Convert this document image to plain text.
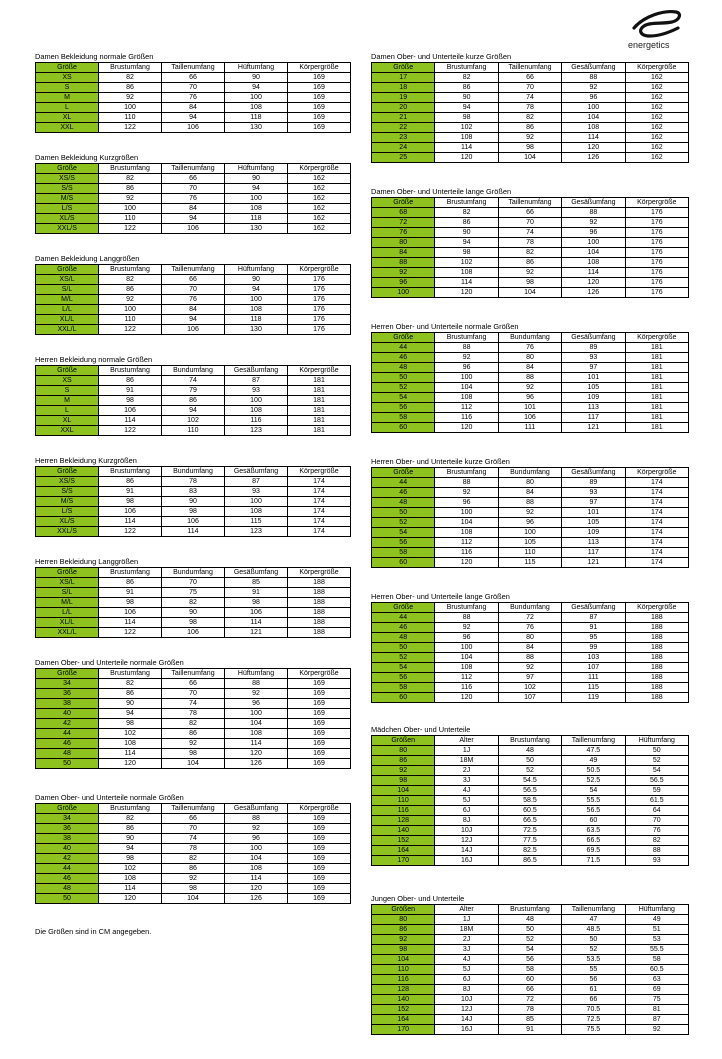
energetics
Damen Bekleidung normale Größen
Größe	Brustumfang	Taillenumfang	Hüftumfang	Körpergröße
XS	82	66	90	169
S	86	70	94	169
M	92	76	100	169
L	100	84	108	169
XL	110	94	118	169
XXL	122	106	130	169
Damen Bekleidung Kurzgrößen
Größe	Brustumfang	Taillenumfang	Hüftumfang	Körpergröße
XS/S	82	66	90	162
S/S	86	70	94	162
M/S	92	76	100	162
L/S	100	84	108	162
XL/S	110	94	118	162
XXL/S	122	106	130	162
Damen Bekleidung Langgrößen
Größe	Brustumfang	Taillenumfang	Hüftumfang	Körpergröße
XS/L	82	66	90	176
S/L	86	70	94	176
M/L	92	76	100	176
L/L	100	84	108	176
XL/L	110	94	118	176
XXL/L	122	106	130	176
Herren Bekleidung normale Größen
Größe	Brustumfang	Bundumfang	Gesäßumfang	Körpergröße
XS	86	74	87	181
S	91	79	93	181
M	98	86	100	181
L	106	94	108	181
XL	114	102	116	181
XXL	122	110	123	181
Herren Bekleidung Kurzgrößen
Größe	Brustumfang	Bundumfang	Gesäßumfang	Körpergröße
XS/S	86	78	87	174
S/S	91	83	93	174
M/S	98	90	100	174
L/S	106	98	108	174
XL/S	114	106	115	174
XXL/S	122	114	123	174
Herren Bekleidung Langgrößen
Größe	Brustumfang	Bundumfang	Gesäßumfang	Körpergröße
XS/L	86	70	85	188
S/L	91	75	91	188
M/L	98	82	98	188
L/L	106	90	106	188
XL/L	114	98	114	188
XXL/L	122	106	121	188
Damen Ober- und Unterteile normale Größen
Größe	Brustumfang	Taillenumfang	Hüftumfang	Körpergröße
34	82	66	88	169
36	86	70	92	169
38	90	74	96	169
40	94	78	100	169
42	98	82	104	169
44	102	86	108	169
46	108	92	114	169
48	114	98	120	169
50	120	104	126	169
Damen Ober- und Unterteile normale Größen
Größe	Brustumfang	Taillenumfang	Gesäßumfang	Körpergröße
34	82	66	88	169
36	86	70	92	169
38	90	74	96	169
40	94	78	100	169
42	98	82	104	169
44	102	86	108	169
46	108	92	114	169
48	114	98	120	169
50	120	104	126	169
Damen Ober- und Unterteile kurze Größen
Größe	Brustumfang	Taillenumfang	Gesäßumfang	Körpergröße
17	82	66	88	162
18	86	70	92	162
19	90	74	96	162
20	94	78	100	162
21	98	82	104	162
22	102	86	108	162
23	108	92	114	162
24	114	98	120	162
25	120	104	126	162
Damen Ober- und Unterteile lange Größen
Größe	Brustumfang	Taillenumfang	Gesäßumfang	Körpergröße
68	82	66	88	176
72	86	70	92	176
76	90	74	96	176
80	94	78	100	176
84	98	82	104	176
88	102	86	108	176
92	108	92	114	176
96	114	98	120	176
100	120	104	126	176
Herren Ober- und Unterteile normale Größen
Größe	Brustumfang	Bundumfang	Gesäßumfang	Körpergröße
44	88	76	89	181
46	92	80	93	181
48	96	84	97	181
50	100	88	101	181
52	104	92	105	181
54	108	96	109	181
56	112	101	113	181
58	116	106	117	181
60	120	111	121	181
Herren Ober- und Unterteile kurze Größen
Größe	Brustumfang	Bundumfang	Gesäßumfang	Körpergröße
44	88	80	89	174
46	92	84	93	174
48	96	88	97	174
50	100	92	101	174
52	104	96	105	174
54	108	100	109	174
56	112	105	113	174
58	116	110	117	174
60	120	115	121	174
Herren Ober- und Unterteile lange Größen
Größe	Brustumfang	Bundumfang	Gesäßumfang	Körpergröße
44	88	72	87	188
46	92	76	91	188
48	96	80	95	188
50	100	84	99	188
52	104	88	103	188
54	108	92	107	188
56	112	97	111	188
58	116	102	115	188
60	120	107	119	188
Mädchen Ober- und Unterteile
Größen	Alter	Brustumfang	Taillenumfang	Hüftumfang
80	1J	48	47.5	50
86	18M	50	49	52
92	2J	52	50.5	54
98	3J	54.5	52.5	56.5
104	4J	56.5	54	59
110	5J	58.5	55.5	61.5
116	6J	60.5	56.5	64
128	8J	66.5	60	70
140	10J	72.5	63.5	76
152	12J	77.5	66.5	82
164	14J	82.5	69.5	88
170	16J	86.5	71.5	93
Jungen Ober- und Unterteile
Größen	Alter	Brustumfang	Taillenumfang	Hüftumfang
80	1J	48	47	49
86	18M	50	48.5	51
92	2J	52	50	53
98	3J	54	52	55.5
104	4J	56	53.5	58
110	5J	58	55	60.5
116	6J	60	56	63
128	8J	66	61	69
140	10J	72	66	75
152	12J	78	70.5	81
164	14J	85	72.5	87
170	16J	91	75.5	92
Die Größen sind in CM angegeben.
